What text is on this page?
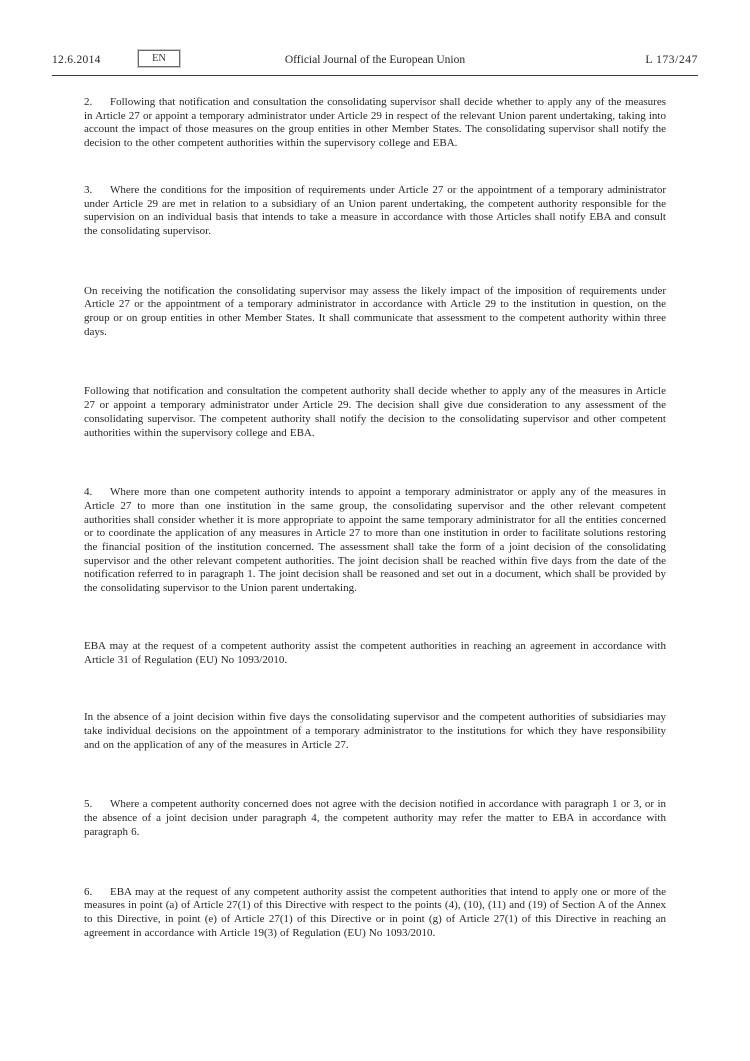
12.6.2014	EN	Official Journal of the European Union	L 173/247

2. Following that notification and consultation the consolidating supervisor shall decide whether to apply any of the measures in Article 27 or appoint a temporary administrator under Article 29 in respect of the relevant Union parent undertaking, taking into account the impact of those measures on the group entities in other Member States. The consolidating supervisor shall notify the decision to the other competent authorities within the supervisory college and EBA.

3. Where the conditions for the imposition of requirements under Article 27 or the appointment of a temporary administrator under Article 29 are met in relation to a subsidiary of an Union parent undertaking, the competent authority responsible for the supervision on an individual basis that intends to take a measure in accordance with those Articles shall notify EBA and consult the consolidating supervisor.

On receiving the notification the consolidating supervisor may assess the likely impact of the imposition of requirements under Article 27 or the appointment of a temporary administrator in accordance with Article 29 to the institution in question, on the group or on group entities in other Member States. It shall communicate that assessment to the competent authority within three days.

Following that notification and consultation the competent authority shall decide whether to apply any of the measures in Article 27 or appoint a temporary administrator under Article 29. The decision shall give due consideration to any assessment of the consolidating supervisor. The competent authority shall notify the decision to the consolidating supervisor and other competent authorities within the supervisory college and EBA.

4. Where more than one competent authority intends to appoint a temporary administrator or apply any of the measures in Article 27 to more than one institution in the same group, the consolidating supervisor and the other relevant competent authorities shall consider whether it is more appropriate to appoint the same temporary administrator for all the entities concerned or to coordinate the application of any measures in Article 27 to more than one institution in order to facilitate solutions restoring the financial position of the institution concerned. The assessment shall take the form of a joint decision of the consolidating supervisor and the other relevant competent authorities. The joint decision shall be reached within five days from the date of the notification referred to in paragraph 1. The joint decision shall be reasoned and set out in a document, which shall be provided by the consolidating supervisor to the Union parent undertaking.

EBA may at the request of a competent authority assist the competent authorities in reaching an agreement in accordance with Article 31 of Regulation (EU) No 1093/2010.

In the absence of a joint decision within five days the consolidating supervisor and the competent authorities of subsidiaries may take individual decisions on the appointment of a temporary administrator to the institutions for which they have responsibility and on the application of any of the measures in Article 27.

5. Where a competent authority concerned does not agree with the decision notified in accordance with paragraph 1 or 3, or in the absence of a joint decision under paragraph 4, the competent authority may refer the matter to EBA in accordance with paragraph 6.

6. EBA may at the request of any competent authority assist the competent authorities that intend to apply one or more of the measures in point (a) of Article 27(1) of this Directive with respect to the points (4), (10), (11) and (19) of Section A of the Annex to this Directive, in point (e) of Article 27(1) of this Directive or in point (g) of Article 27(1) of this Directive in reaching an agreement in accordance with Article 19(3) of Regulation (EU) No 1093/2010.
